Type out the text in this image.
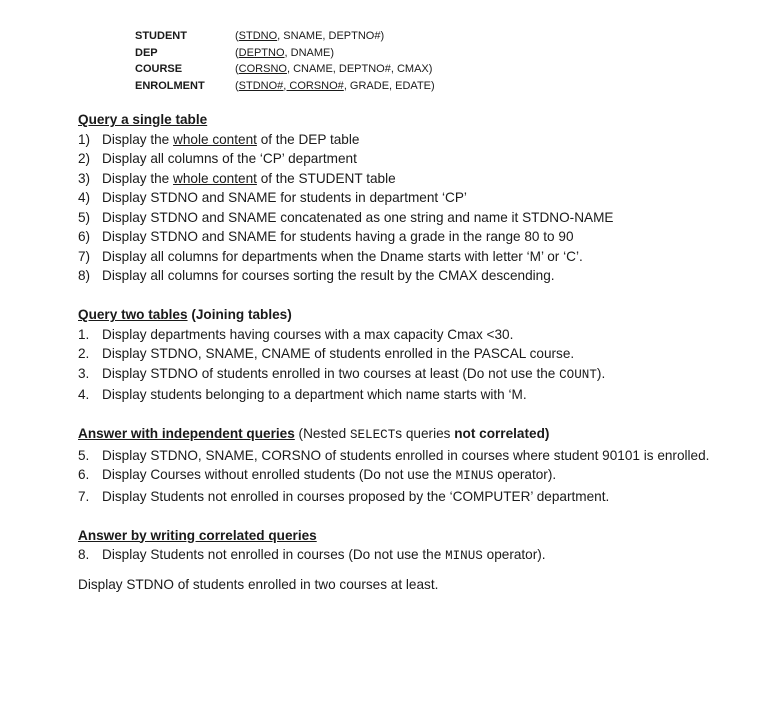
STUDENT	(STDNO, SNAME, DEPTNO#)
DEP	(DEPTNO, DNAME)
COURSE	(CORSNO, CNAME, DEPTNO#, CMAX)
ENROLMENT	(STDNO#, CORSNO#, GRADE, EDATE)
Query a single table
1) Display the whole content of the DEP table
2) Display all columns of the ‘CP’ department
3) Display the whole content of the STUDENT table
4) Display STDNO and SNAME for students in department ‘CP’
5) Display STDNO and SNAME concatenated as one string and name it STDNO-NAME
6) Display STDNO and SNAME for students having a grade in the range 80 to 90
7) Display all columns for departments when the Dname starts with letter ‘M’ or ‘C’.
8) Display all columns for courses sorting the result by the CMAX descending.
Query two tables (Joining tables)
1. Display departments having courses with a max capacity Cmax <30.
2. Display STDNO, SNAME, CNAME of students enrolled in the PASCAL course.
3. Display STDNO of students enrolled in two courses at least (Do not use the COUNT).
4. Display students belonging to a department which name starts with ‘M.
Answer with independent queries (Nested SELECTs queries not correlated)
5. Display STDNO, SNAME, CORSNO of students enrolled in courses where student 90101 is enrolled.
6. Display Courses without enrolled students (Do not use the MINUS operator).
7. Display Students not enrolled in courses proposed by the ‘COMPUTER’ department.
Answer by writing correlated queries
8. Display Students not enrolled in courses (Do not use the MINUS operator).
Display STDNO of students enrolled in two courses at least.
